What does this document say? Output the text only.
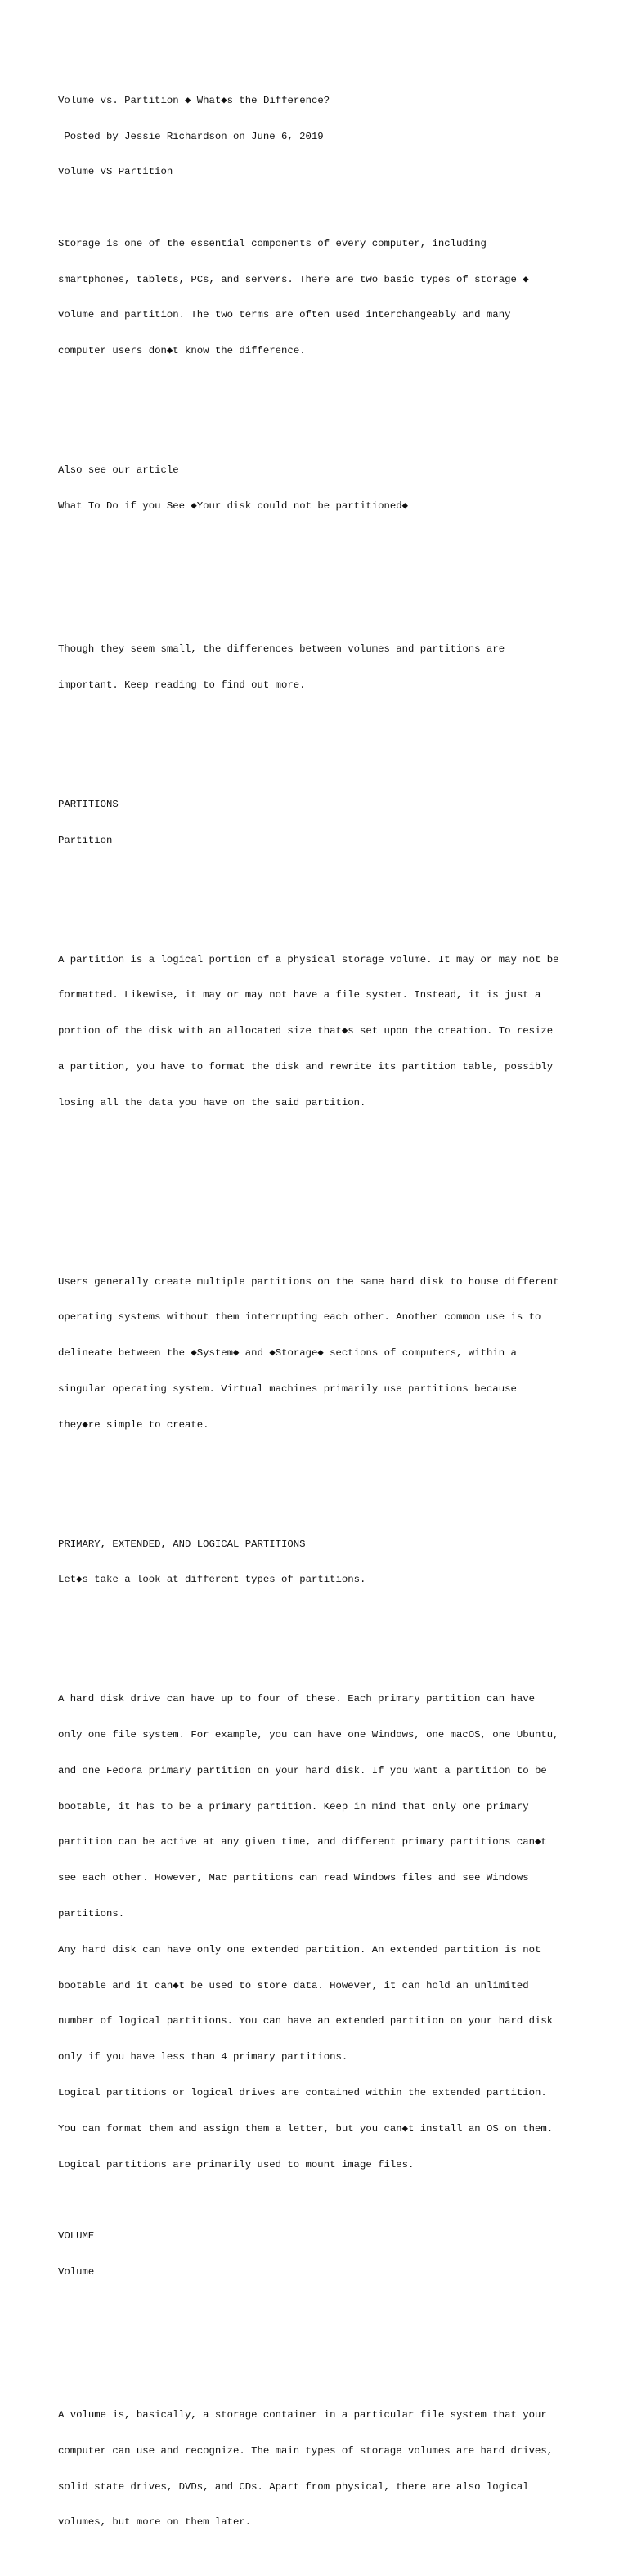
Volume vs. Partition ◆ What◆s the Difference?

Posted by Jessie Richardson on June 6, 2019

Volume VS Partition

Storage is one of the essential components of every computer, including

smartphones, tablets, PCs, and servers. There are two basic types of storage ◆

volume and partition. The two terms are often used interchangeably and many

computer users don◆t know the difference.

Also see our article

What To Do if you See ◆Your disk could not be partitioned◆

Though they seem small, the differences between volumes and partitions are

important. Keep reading to find out more.

PARTITIONS

Partition

A partition is a logical portion of a physical storage volume. It may or may not be

formatted. Likewise, it may or may not have a file system. Instead, it is just a

portion of the disk with an allocated size that◆s set upon the creation. To resize

a partition, you have to format the disk and rewrite its partition table, possibly

losing all the data you have on the said partition.

Users generally create multiple partitions on the same hard disk to house different

operating systems without them interrupting each other. Another common use is to

delineate between the ◆System◆ and ◆Storage◆ sections of computers, within a

singular operating system. Virtual machines primarily use partitions because

they◆re simple to create.

PRIMARY, EXTENDED, AND LOGICAL PARTITIONS

Let◆s take a look at different types of partitions.

A hard disk drive can have up to four of these. Each primary partition can have

only one file system. For example, you can have one Windows, one macOS, one Ubuntu,

and one Fedora primary partition on your hard disk. If you want a partition to be

bootable, it has to be a primary partition. Keep in mind that only one primary

partition can be active at any given time, and different primary partitions can◆t

see each other. However, Mac partitions can read Windows files and see Windows

partitions.

Any hard disk can have only one extended partition. An extended partition is not

bootable and it can◆t be used to store data. However, it can hold an unlimited

number of logical partitions. You can have an extended partition on your hard disk

only if you have less than 4 primary partitions.

Logical partitions or logical drives are contained within the extended partition.

You can format them and assign them a letter, but you can◆t install an OS on them.

Logical partitions are primarily used to mount image files.

VOLUME

Volume

A volume is, basically, a storage container in a particular file system that your

computer can use and recognize. The main types of storage volumes are hard drives,

solid state drives, DVDs, and CDs. Apart from physical, there are also logical

volumes, but more on them later.
